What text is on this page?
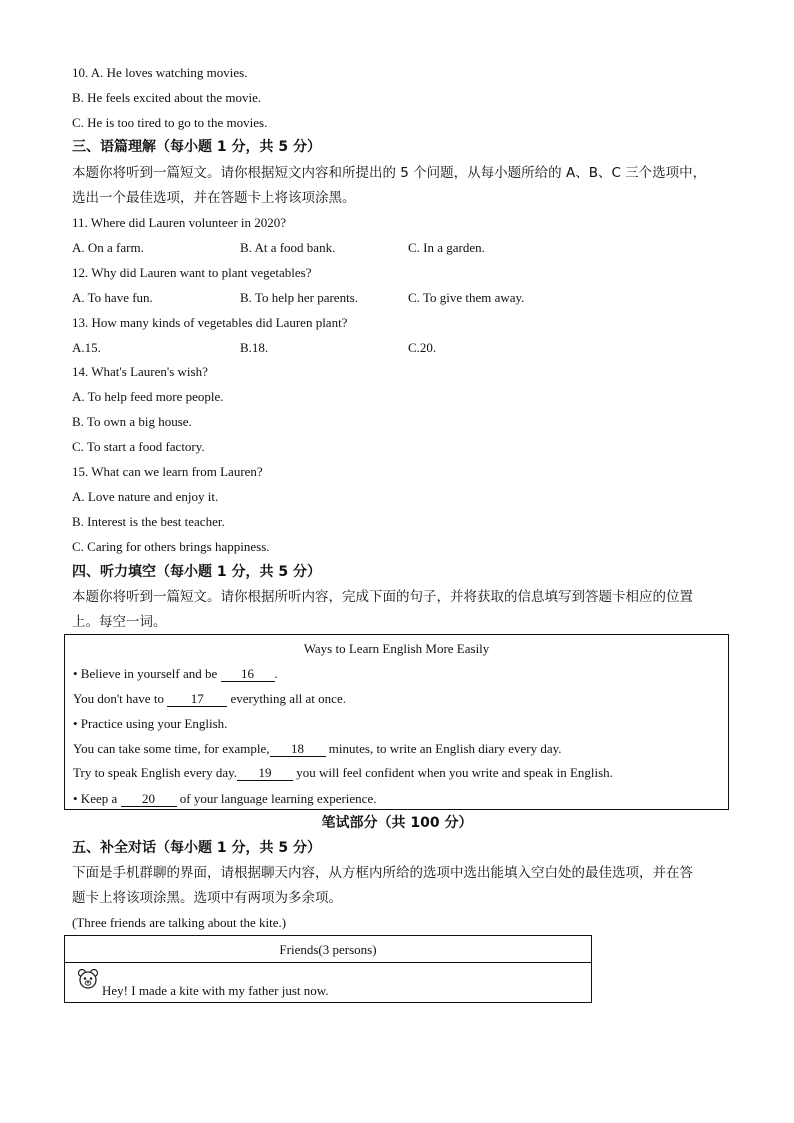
10. A. He loves watching movies.
B. He feels excited about the movie.
C. He is too tired to go to the movies.
三、语篇理解（每小题 1 分，共 5 分）
本题你将听到一篇短文。请你根据短文内容和所提出的 5 个问题，从每小题所给的 A、B、C 三个选项中，
选出一个最佳选项，并在答题卡上将该项涂黑。
11. Where did Lauren volunteer in 2020?
A. On a farm.	B. At a food bank.	C. In a garden.
12. Why did Lauren want to plant vegetables?
A. To have fun.	B. To help her parents.	C. To give them away.
13. How many kinds of vegetables did Lauren plant?
A.15.	B.18.	C.20.
14. What's Lauren's wish?
A. To help feed more people.
B. To own a big house.
C. To start a food factory.
15. What can we learn from Lauren?
A. Love nature and enjoy it.
B. Interest is the best teacher.
C. Caring for others brings happiness.
四、听力填空（每小题 1 分，共 5 分）
本题你将听到一篇短文。请你根据所听内容，完成下面的句子，并将获取的信息填写到答题卡相应的位置
上。每空一词。
Ways to Learn English More Easily
• Believe in yourself and be 16 .
You don't have to 17 everything all at once.
• Practice using your English.
You can take some time, for example, 18 minutes, to write an English diary every day.
Try to speak English every day. 19 you will feel confident when you write and speak in English.
• Keep a 20 of your language learning experience.
笔试部分（共 100 分）
五、补全对话（每小题 1 分，共 5 分）
下面是手机群聊的界面，请根据聊天内容，从方框内所给的选项中选出能填入空白处的最佳选项，并在答
题卡上将该项涂黑。选项中有两项为多余项。
(Three friends are talking about the kite.)
Friends(3 persons)
Hey! I made a kite with my father just now.
